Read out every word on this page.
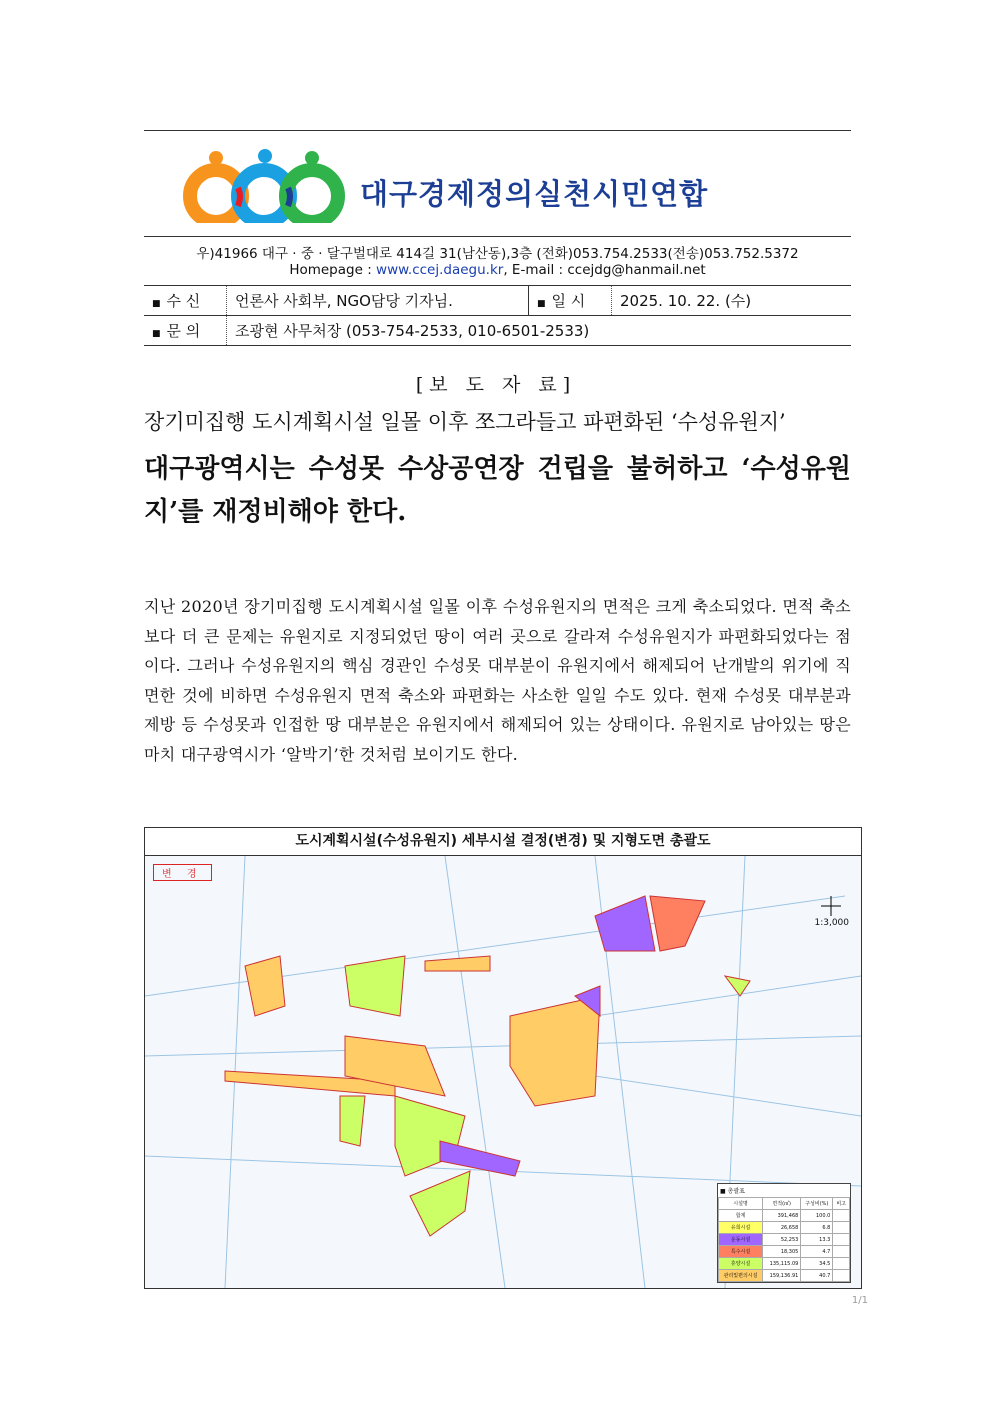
대구경제정의실천시민연합
우)41966 대구 · 중 · 달구벌대로 414길 31(남산동),3층 (전화)053.754.2533(전송)053.752.5372
Homepage : www.ccej.daegu.kr, E-mail : ccejdg@hanmail.net
■ 수 신	언론사 사회부, NGO담당 기자님.	■ 일 시	2025. 10. 22. (수)
■ 문 의	조광현 사무처장 (053-754-2533, 010-6501-2533)		
[보 도 자 료]
장기미집행 도시계획시설 일몰 이후 쪼그라들고 파편화된 ‘수성유원지’
대구광역시는 수성못 수상공연장 건립을 불허하고 ‘수성유원지’를 재정비해야 한다.
지난 2020년 장기미집행 도시계획시설 일몰 이후 수성유원지의 면적은 크게 축소되었다. 면적 축소보다 더 큰 문제는 유원지로 지정되었던 땅이 여러 곳으로 갈라져 수성유원지가 파편화되었다는 점이다. 그러나 수성유원지의 핵심 경관인 수성못 대부분이 유원지에서 해제되어 난개발의 위기에 직면한 것에 비하면 수성유원지 면적 축소와 파편화는 사소한 일일 수도 있다. 현재 수성못 대부분과 제방 등 수성못과 인접한 땅 대부분은 유원지에서 해제되어 있는 상태이다. 유원지로 남아있는 땅은 마치 대구광역시가 ‘알박기’한 것처럼 보이기도 한다.
도시계획시설(수성유원지) 세부시설 결정(변경) 및 지형도면 총괄도
변 경
1:3,000
■ 총괄표
시설명	면적(㎡)	구성비(%)	비고
합계	391,468	100.0	
유희시설	26,658	6.8	
운동시설	52,253	13.3	
특수시설	18,305	4.7	
휴양시설	135,115.09	34.5	
관리및편의시설	159,136.91	40.7	
1/1
